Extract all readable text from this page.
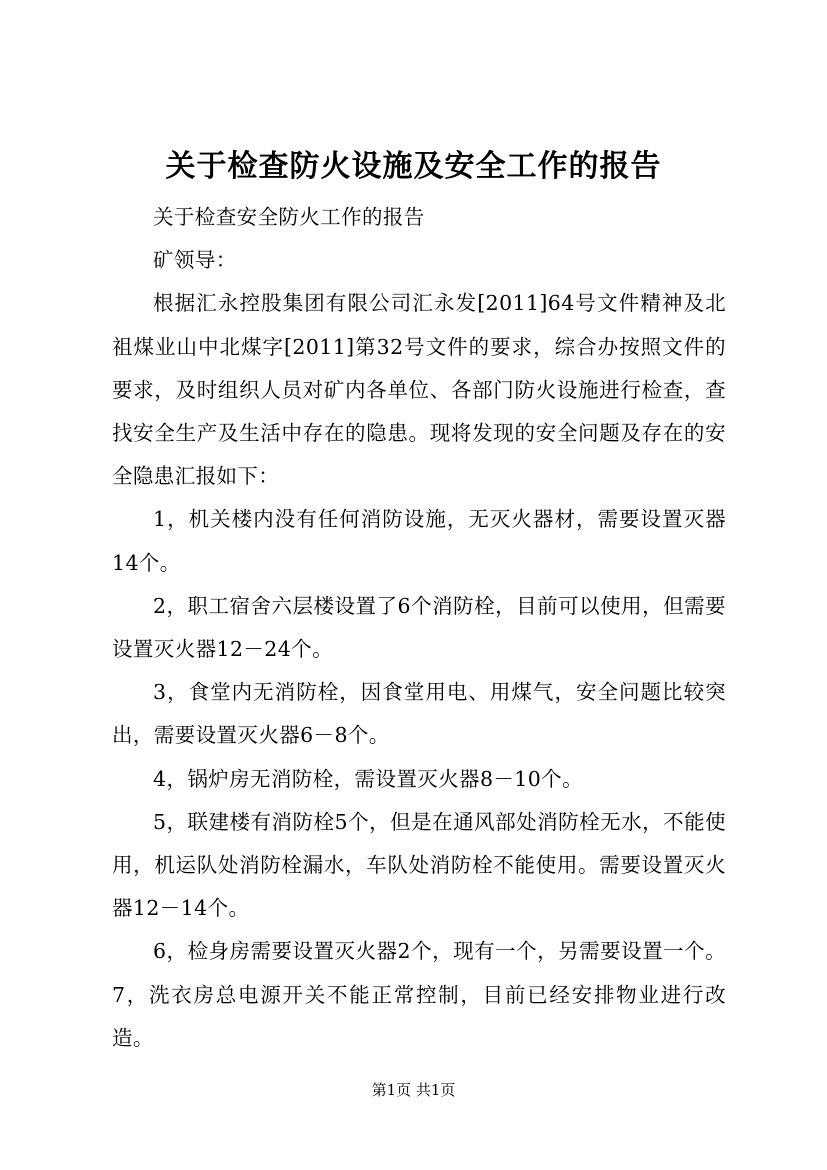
关于检查防火设施及安全工作的报告

关于检查安全防火工作的报告

矿领导：

根据汇永控股集团有限公司汇永发[2011]64号文件精神及北祖煤业山中北煤字[2011]第32号文件的要求，综合办按照文件的要求，及时组织人员对矿内各单位、各部门防火设施进行检查，查找安全生产及生活中存在的隐患。现将发现的安全问题及存在的安全隐患汇报如下：

1，机关楼内没有任何消防设施，无灭火器材，需要设置灭器14个。

2，职工宿舍六层楼设置了6个消防栓，目前可以使用，但需要设置灭火器12－24个。

3，食堂内无消防栓，因食堂用电、用煤气，安全问题比较突出，需要设置灭火器6－8个。

4，锅炉房无消防栓，需设置灭火器8－10个。

5，联建楼有消防栓5个，但是在通风部处消防栓无水，不能使用，机运队处消防栓漏水，车队处消防栓不能使用。需要设置灭火器12－14个。

6，检身房需要设置灭火器2个，现有一个，另需要设置一个。7，洗衣房总电源开关不能正常控制，目前已经安排物业进行改造。

第1页 共1页
